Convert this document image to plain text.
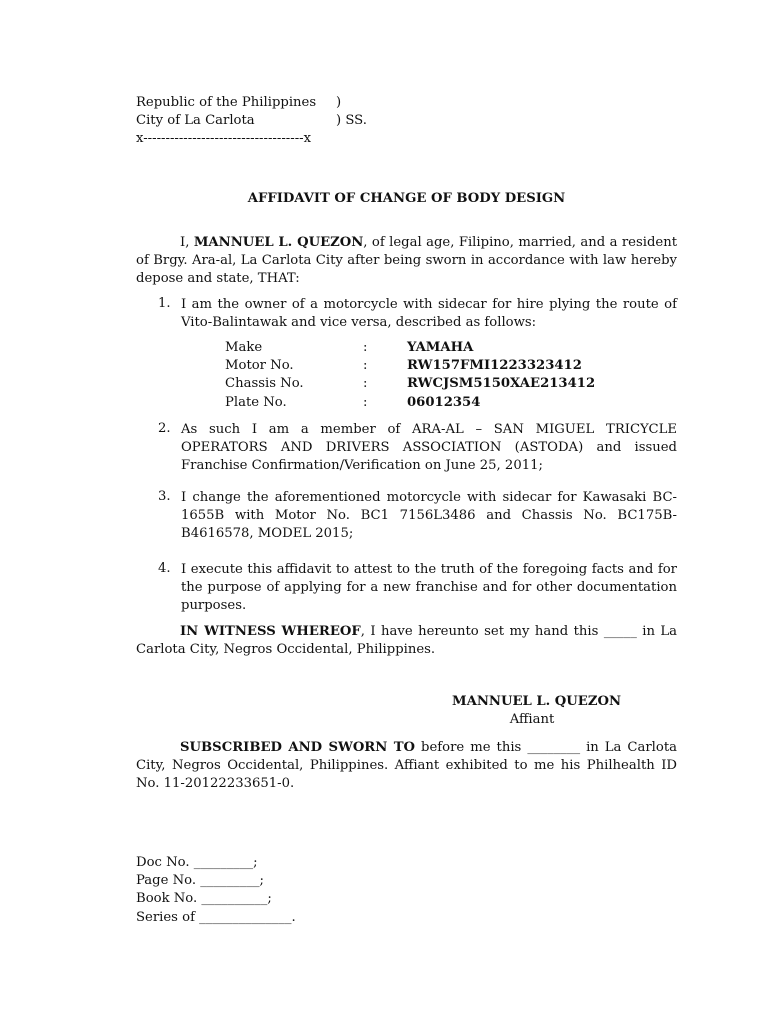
Republic of the Philippines )
City of La Carlota	) SS.
x------------------------------------x
AFFIDAVIT OF CHANGE OF BODY DESIGN
I, MANNUEL L. QUEZON, of legal age, Filipino, married, and a resident of Brgy. Ara-al, La Carlota City after being sworn in accordance with law hereby depose and state, THAT:
1. I am the owner of a motorcycle with sidecar for hire plying the route of Vito-Balintawak and vice versa, described as follows:
Make	:	YAMAHA
Motor No.	:	RW157FMI1223323412
Chassis No.	:	RWCJSM5150XAE213412
Plate No.	:	06012354
2. As such I am a member of ARA-AL – SAN MIGUEL TRICYCLE OPERATORS AND DRIVERS ASSOCIATION (ASTODA) and issued Franchise Confirmation/Verification on June 25, 2011;
3. I change the aforementioned motorcycle with sidecar for Kawasaki BC-1655B with Motor No. BC1 7156L3486 and Chassis No. BC175B-B4616578, MODEL 2015;
4. I execute this affidavit to attest to the truth of the foregoing facts and for the purpose of applying for a new franchise and for other documentation purposes.
IN WITNESS WHEREOF, I have hereunto set my hand this _____ in La Carlota City, Negros Occidental, Philippines.
MANNUEL L. QUEZON
Affiant
SUBSCRIBED AND SWORN TO before me this ________ in La Carlota City, Negros Occidental, Philippines. Affiant exhibited to me his Philhealth ID No. 11-20122233651-0.
Doc No. _________;
Page No. _________;
Book No. __________;
Series of ______________.
